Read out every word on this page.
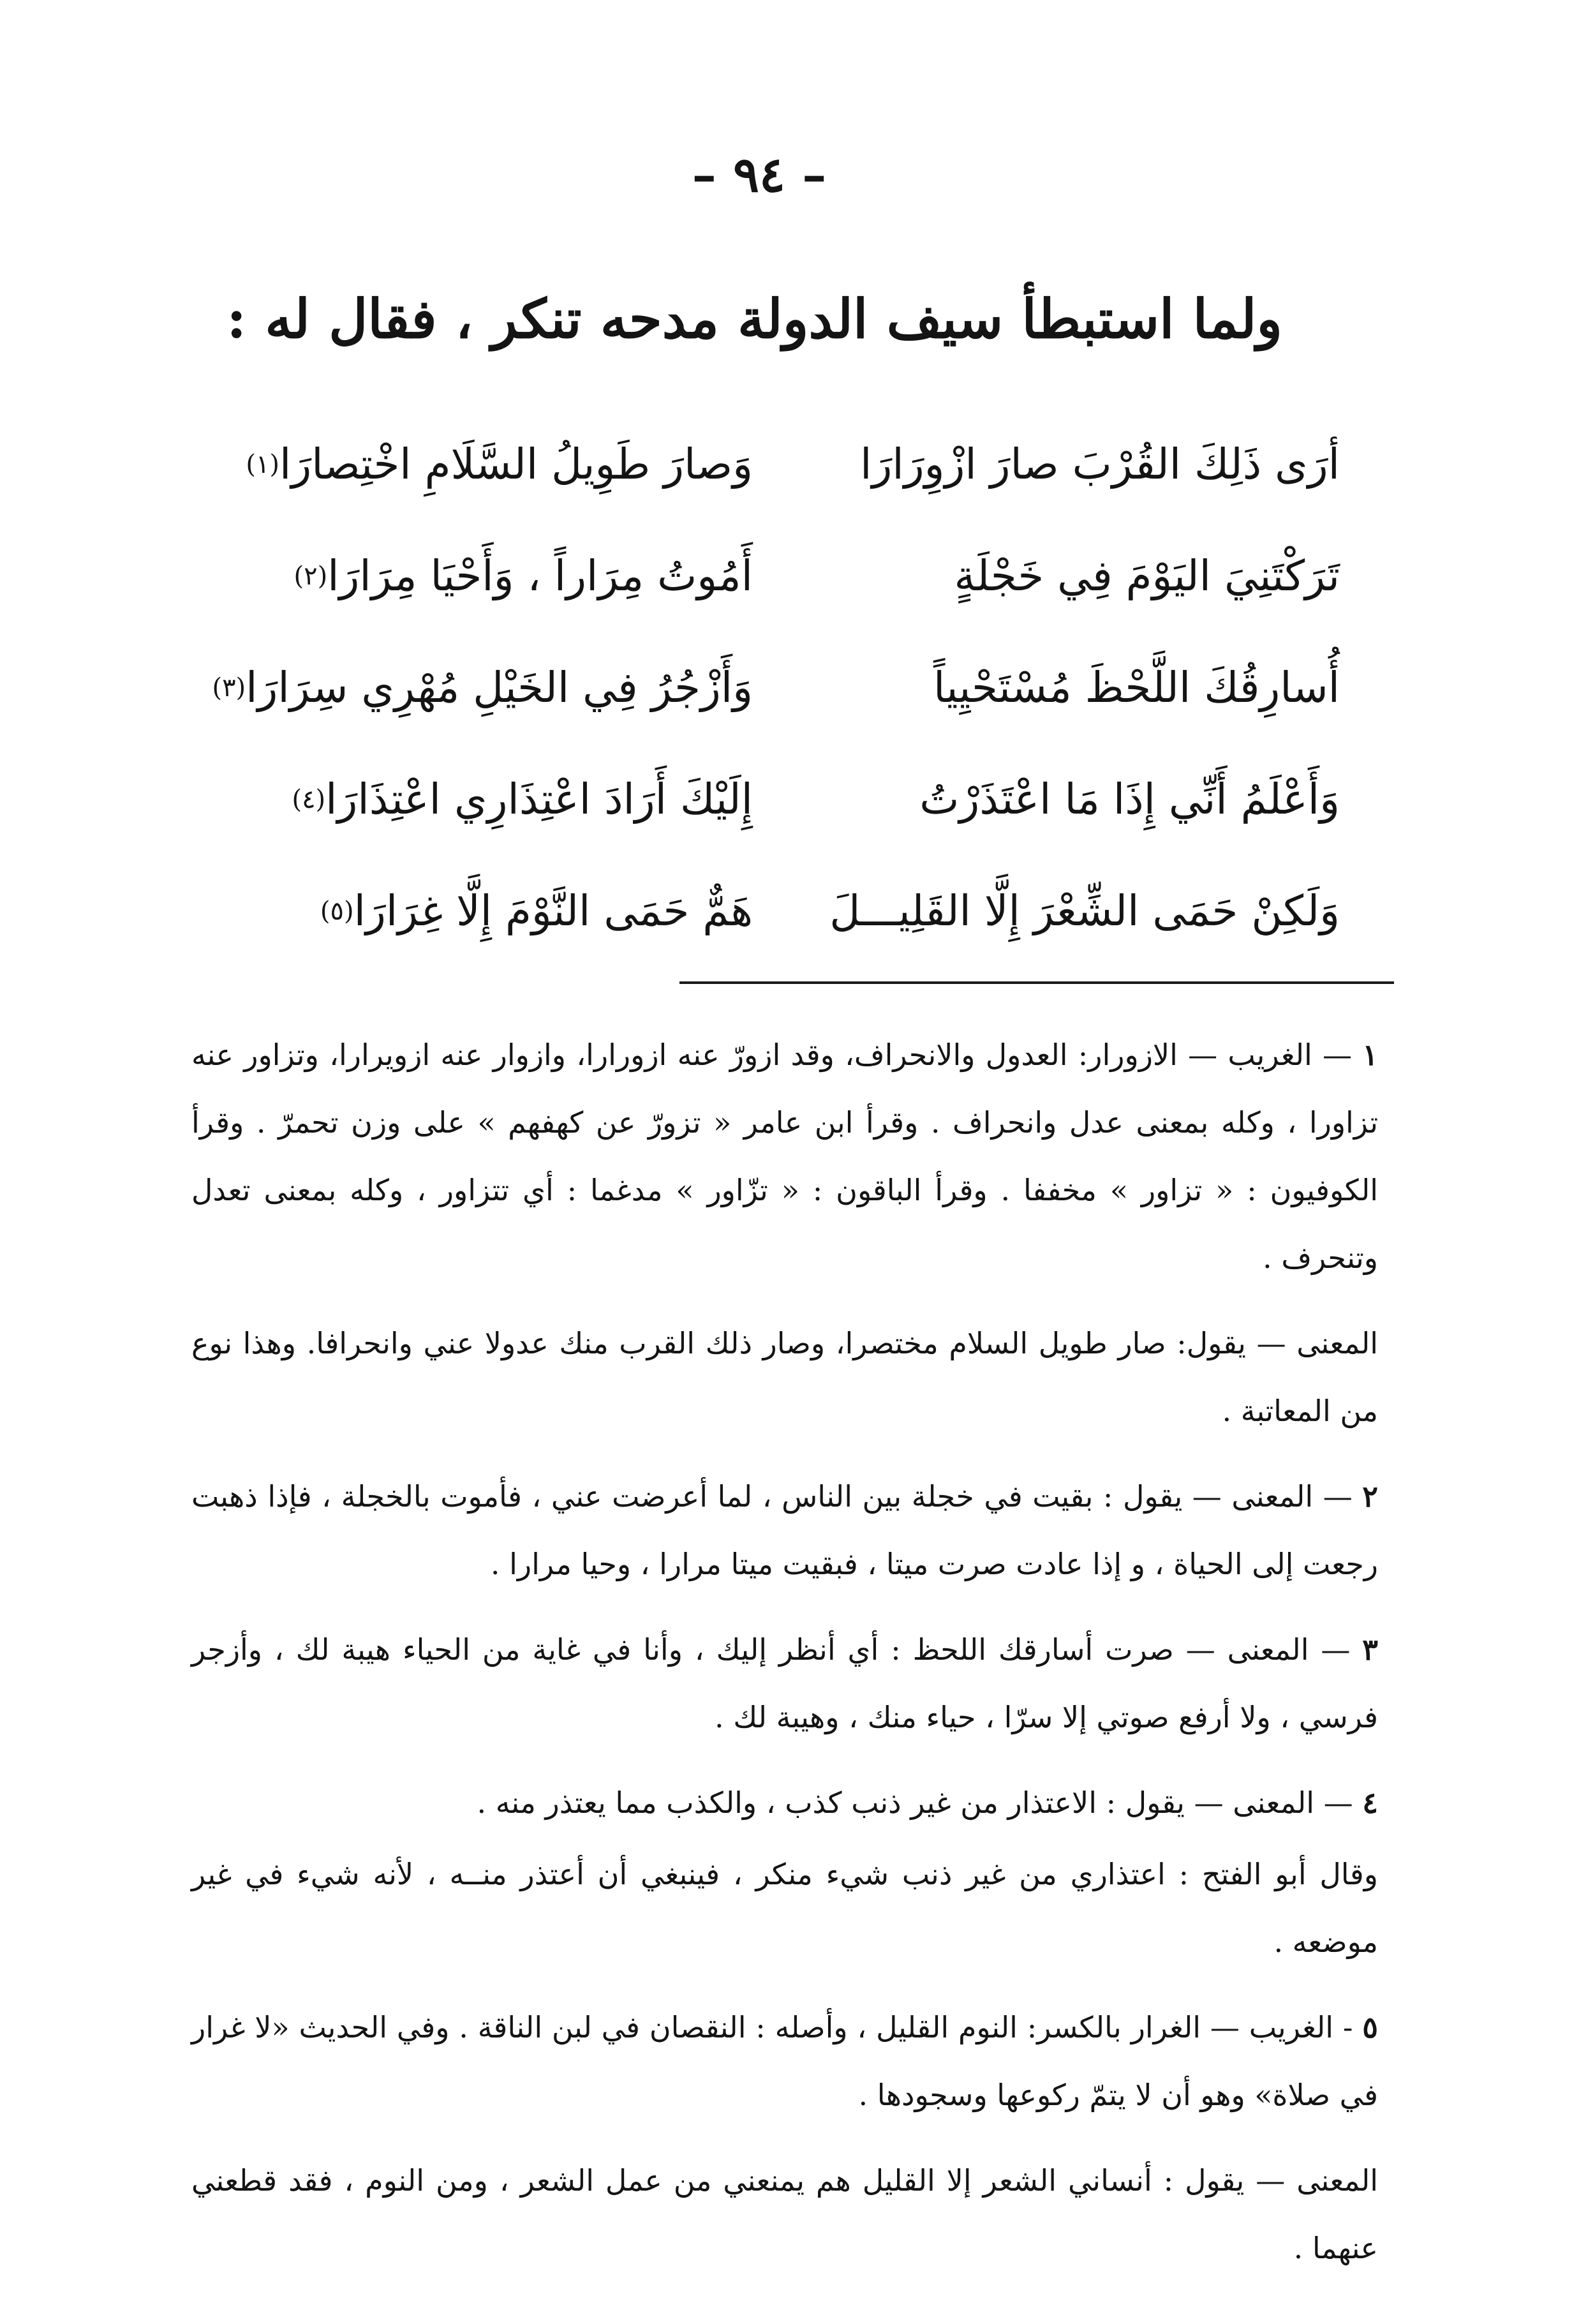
– ٩٤ –
ولما استبطأ سيف الدولة مدحه تنكر ، فقال له :
أرَى ذَلِكَ القُرْبَ صارَ ازْوِرَارَا
وَصارَ طَوِيلُ السَّلَامِ اخْتِصارَا
(١)
تَرَكْتَنِيَ اليَوْمَ فِي خَجْلَةٍ
أَمُوتُ مِرَاراً ، وَأَحْيَا مِرَارَا
(٢)
أُسارِقُكَ اللَّحْظَ مُسْتَحْيِياً
وَأَزْجُرُ فِي الخَيْلِ مُهْرِي سِرَارَا
(٣)
وَأَعْلَمُ أَنِّي إِذَا مَا اعْتَذَرْتُ
إِلَيْكَ أَرَادَ اعْتِذَارِي اعْتِذَارَا
(٤)
وَلَكِنْ حَمَى الشِّعْرَ إِلَّا القَلِيـــلَ
هَمٌّ حَمَى النَّوْمَ إِلَّا غِرَارَا
(٥)

١ — الغريب — الازورار: العدول والانحراف، وقد ازورّ عنه ازورارا، وازوار عنه ازويرارا، وتزاور عنه تزاورا ، وكله بمعنى عدل وانحراف . وقرأ ابن عامر « تزورّ عن كهفهم » على وزن تحمرّ . وقرأ الكوفيون : « تزاور » مخففا . وقرأ الباقون : « تزّاور » مدغما : أي تتزاور ، وكله بمعنى تعدل وتنحرف .

المعنى — يقول: صار طويل السلام مختصرا، وصار ذلك القرب منك عدولا عني وانحرافا. وهذا نوع من المعاتبة .

٢ — المعنى — يقول : بقيت في خجلة بين الناس ، لما أعرضت عني ، فأموت بالخجلة ، فإذا ذهبت رجعت إلى الحياة ، و إذا عادت صرت ميتا ، فبقيت ميتا مرارا ، وحيا مرارا .

٣ — المعنى — صرت أسارقك اللحظ : أي أنظر إليك ، وأنا في غاية من الحياء هيبة لك ، وأزجر فرسي ، ولا أرفع صوتي إلا سرّا ، حياء منك ، وهيبة لك .

٤ — المعنى — يقول : الاعتذار من غير ذنب كذب ، والكذب مما يعتذر منه .

وقال أبو الفتح : اعتذاري من غير ذنب شيء منكر ، فينبغي أن أعتذر منــه ، لأنه شيء في غير موضعه .

٥ - الغريب — الغرار بالكسر: النوم القليل ، وأصله : النقصان في لبن الناقة . وفي الحديث «لا غرار في صلاة» وهو أن لا يتمّ ركوعها وسجودها .

المعنى — يقول : أنساني الشعر إلا القليل هم يمنعني من عمل الشعر ، ومن النوم ، فقد قطعني عنهما .
